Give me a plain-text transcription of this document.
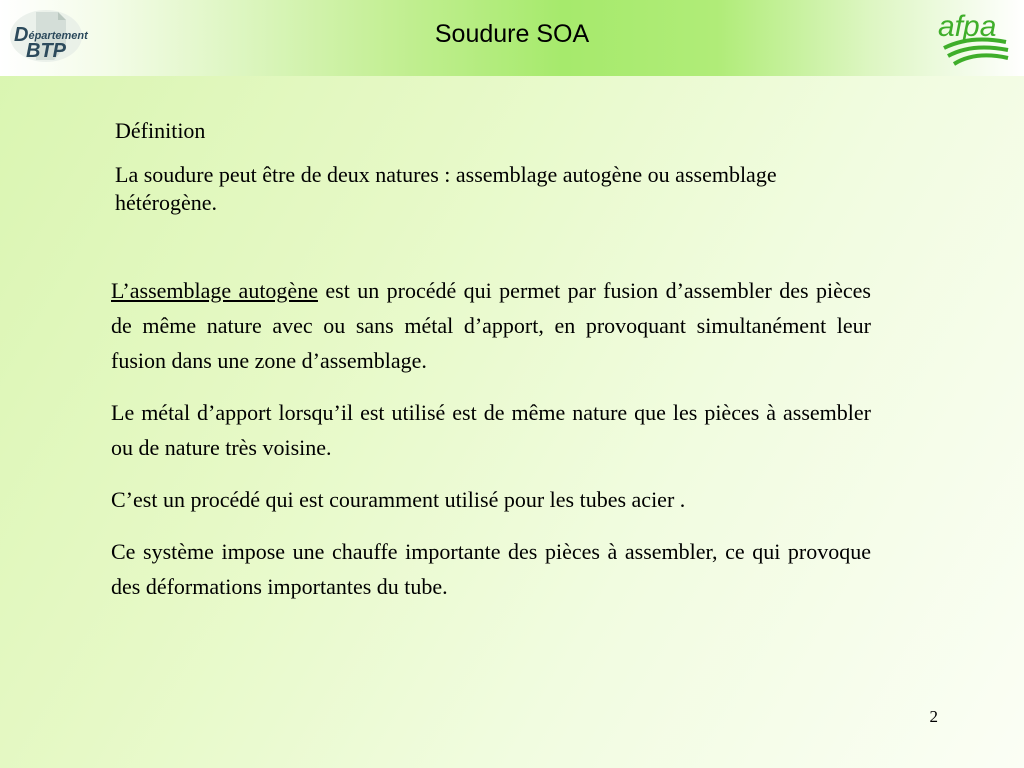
Département
BTP
Soudure SOA	afpa

Définition

La soudure peut être de deux natures : assemblage autogène ou assemblage hétérogène.

L’assemblage autogène est un procédé qui permet par fusion d’assembler des pièces de même nature avec ou sans métal d’apport, en provoquant simultanément leur fusion dans une zone d’assemblage.

Le métal d’apport lorsqu’il est utilisé est de même nature que les pièces à assembler ou de nature très voisine.

C’est un procédé qui est couramment utilisé pour les tubes acier .

Ce système impose une chauffe importante des pièces à assembler, ce qui provoque des déformations importantes du tube.

2
